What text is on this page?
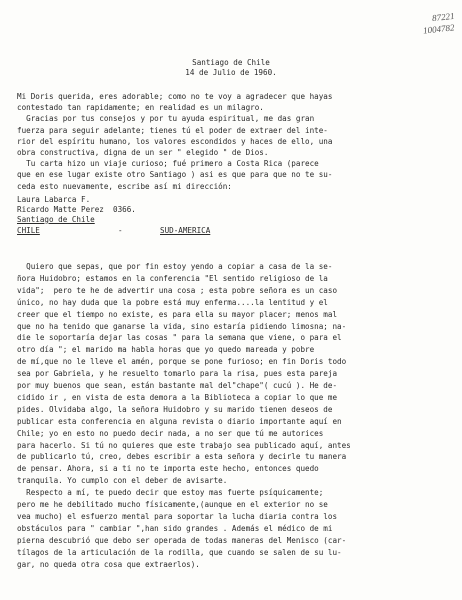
87221
1004782
Santiago de Chile
14 de Julio de 1960.
Mi Doris querida, eres adorable; como no te voy a agradecer que hayas
contestado tan rapidamente; en realidad es un milagro.
Gracias por tus consejos y por tu ayuda espiritual, me das gran
fuerza para seguir adelante; tienes tú el poder de extraer del inte-
rior del espíritu humano, los valores escondidos y haces de ello, una
obra constructiva, digna de un ser " elegido " de Dios.
Tu carta hizo un viaje curioso; fué primero a Costa Rica (parece
que en ese lugar existe otro Santiago ) asi es que para que no te su-
ceda esto nuevamente, escribe así mi dirección:
Laura Labarca F.
Ricardo Matte Perez  0366.
Santiago de Chile
CHILE	-	SUD-AMERICA
Quiero que sepas, que por fin estoy yendo a copiar a casa de la se-
ñora Huidobro; estamos en la conferencia "El sentido religioso de la
vida";  pero te he de advertir una cosa ; esta pobre señora es un caso
único, no hay duda que la pobre está muy enferma....la lentitud y el
creer que el tiempo no existe, es para ella su mayor placer; menos mal
que no ha tenido que ganarse la vida, sino estaría pidiendo limosna; na-
die le soportaría dejar las cosas " para la semana que viene, o para el
otro día "; el marido ma habla horas que yo quedo mareada y pobre
de mí,que no le lleve el amén, porque se pone furioso; en fin Doris todo
sea por Gabriela, y he resuelto tomarlo para la risa, pues esta pareja
por muy buenos que sean, están bastante mal del"chape"( cucú ). He de-
cidido ir , en vista de esta demora a la Biblioteca a copiar lo que me
pides. Olvidaba algo, la señora Huidobro y su marido tienen deseos de
publicar esta conferencia en alguna revista o diario importante aquí en
Chile; yo en esto no puedo decir nada, a no ser que tú me autorices
para hacerlo. Si tú no quieres que este trabajo sea publicado aquí, antes
de publicarlo tú, creo, debes escribir a esta señora y decirle tu manera
de pensar. Ahora, si a ti no te importa este hecho, entonces quedo
tranquila. Yo cumplo con el deber de avisarte.
Respecto a mí, te puedo decir que estoy mas fuerte psíquicamente;
pero me he debilitado mucho físicamente,(aunque en el exterior no se
vea mucho) el esfuerzo mental para soportar la lucha diaria contra los
obstáculos para " cambiar ",han sido grandes . Además el médico de mi
pierna descubrió que debo ser operada de todas maneras del Menisco (car-
tílagos de la articulación de la rodilla, que cuando se salen de su lu-
gar, no queda otra cosa que extraerlos).
